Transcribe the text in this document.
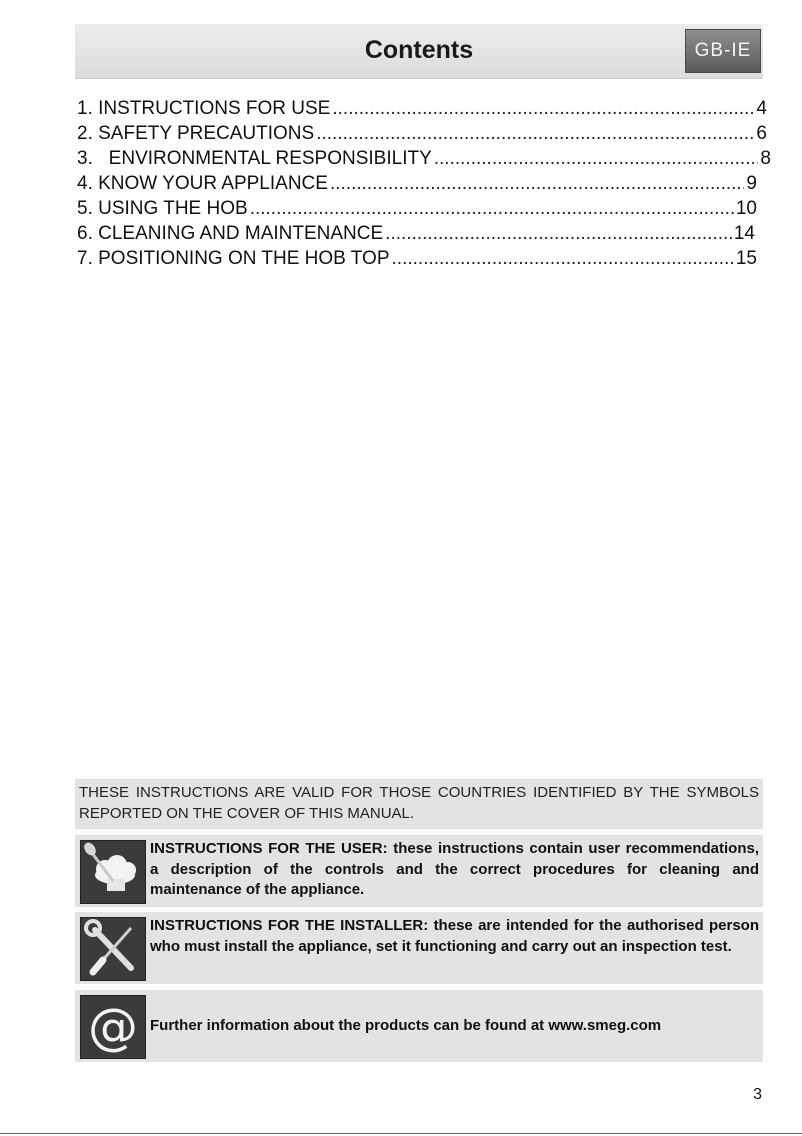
Contents	GB-IE
1. INSTRUCTIONS FOR USE .....	4
2. SAFETY PRECAUTIONS .....	6
3.   ENVIRONMENTAL RESPONSIBILITY .....	8
4. KNOW YOUR APPLIANCE .....	9
5. USING THE HOB .....	10
6. CLEANING AND MAINTENANCE .....	14
7. POSITIONING ON THE HOB TOP .....	15
THESE INSTRUCTIONS ARE VALID FOR THOSE COUNTRIES IDENTIFIED BY THE SYMBOLS REPORTED ON THE COVER OF THIS MANUAL.
INSTRUCTIONS FOR THE USER: these instructions contain user recommendations, a description of the controls and the correct procedures for cleaning and maintenance of the appliance.
INSTRUCTIONS FOR THE INSTALLER: these are intended for the authorised person who must install the appliance, set it functioning and carry out an inspection test.
@ Further information about the products can be found at www.smeg.com
3
